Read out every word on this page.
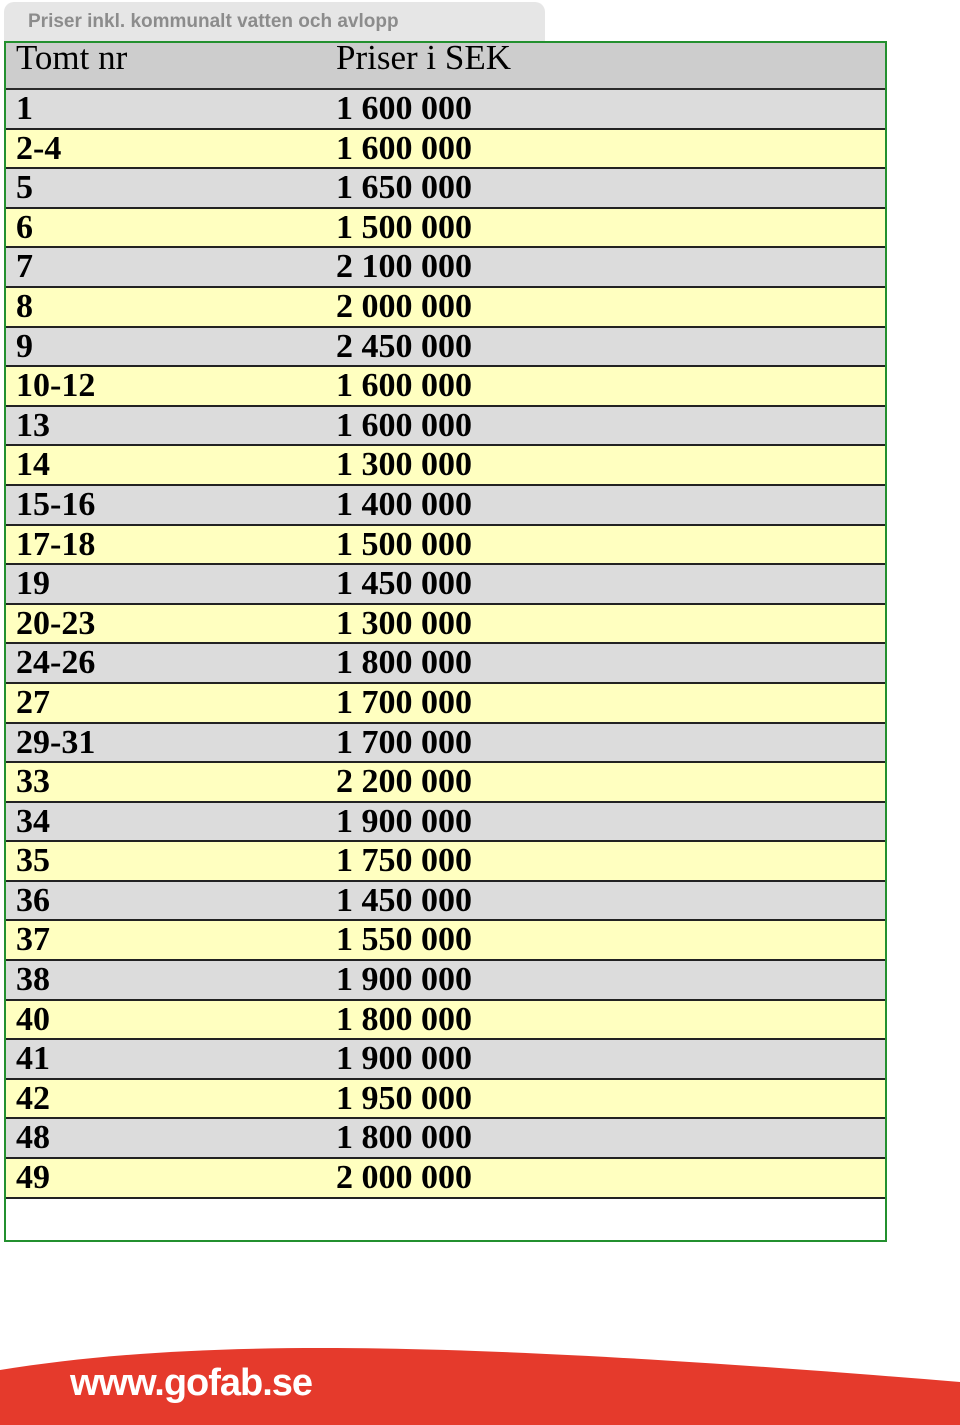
Priser inkl. kommunalt vatten och avlopp
Tomt nr	Priser i SEK
1	1 600 000
2-4	1 600 000
5	1 650 000
6	1 500 000
7	2 100 000
8	2 000 000
9	2 450 000
10-12	1 600 000
13	1 600 000
14	1 300 000
15-16	1 400 000
17-18	1 500 000
19	1 450 000
20-23	1 300 000
24-26	1 800 000
27	1 700 000
29-31	1 700 000
33	2 200 000
34	1 900 000
35	1 750 000
36	1 450 000
37	1 550 000
38	1 900 000
40	1 800 000
41	1 900 000
42	1 950 000
48	1 800 000
49	2 000 000
www.gofab.se
